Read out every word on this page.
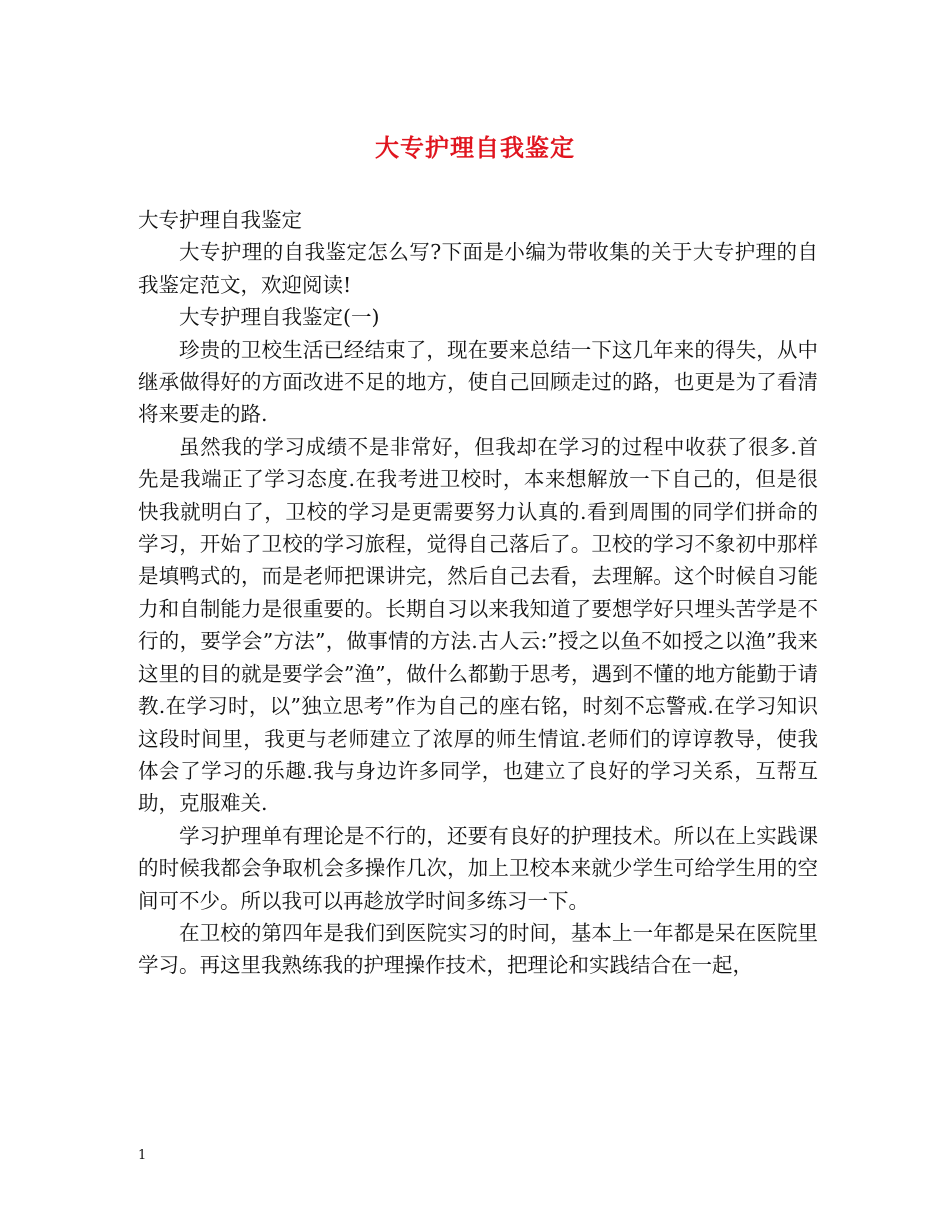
大专护理自我鉴定

大专护理自我鉴定

大专护理的自我鉴定怎么写?下面是小编为带收集的关于大专护理的自我鉴定范文，欢迎阅读!

大专护理自我鉴定(一)

珍贵的卫校生活已经结束了，现在要来总结一下这几年来的得失，从中继承做得好的方面改进不足的地方，使自己回顾走过的路，也更是为了看清将来要走的路.

虽然我的学习成绩不是非常好，但我却在学习的过程中收获了很多.首先是我端正了学习态度.在我考进卫校时，本来想解放一下自己的，但是很快我就明白了，卫校的学习是更需要努力认真的.看到周围的同学们拼命的学习，开始了卫校的学习旅程，觉得自己落后了。卫校的学习不象初中那样是填鸭式的，而是老师把课讲完，然后自己去看，去理解。这个时候自习能力和自制能力是很重要的。长期自习以来我知道了要想学好只埋头苦学是不行的，要学会”方法”，做事情的方法.古人云:”授之以鱼不如授之以渔”我来这里的目的就是要学会”渔”，做什么都勤于思考，遇到不懂的地方能勤于请教.在学习时，以”独立思考”作为自己的座右铭，时刻不忘警戒.在学习知识这段时间里，我更与老师建立了浓厚的师生情谊.老师们的谆谆教导，使我体会了学习的乐趣.我与身边许多同学，也建立了良好的学习关系，互帮互助，克服难关.

学习护理单有理论是不行的，还要有良好的护理技术。所以在上实践课的时候我都会争取机会多操作几次，加上卫校本来就少学生可给学生用的空间可不少。所以我可以再趁放学时间多练习一下。

在卫校的第四年是我们到医院实习的时间，基本上一年都是呆在医院里学习。再这里我熟练我的护理操作技术，把理论和实践结合在一起，

1
